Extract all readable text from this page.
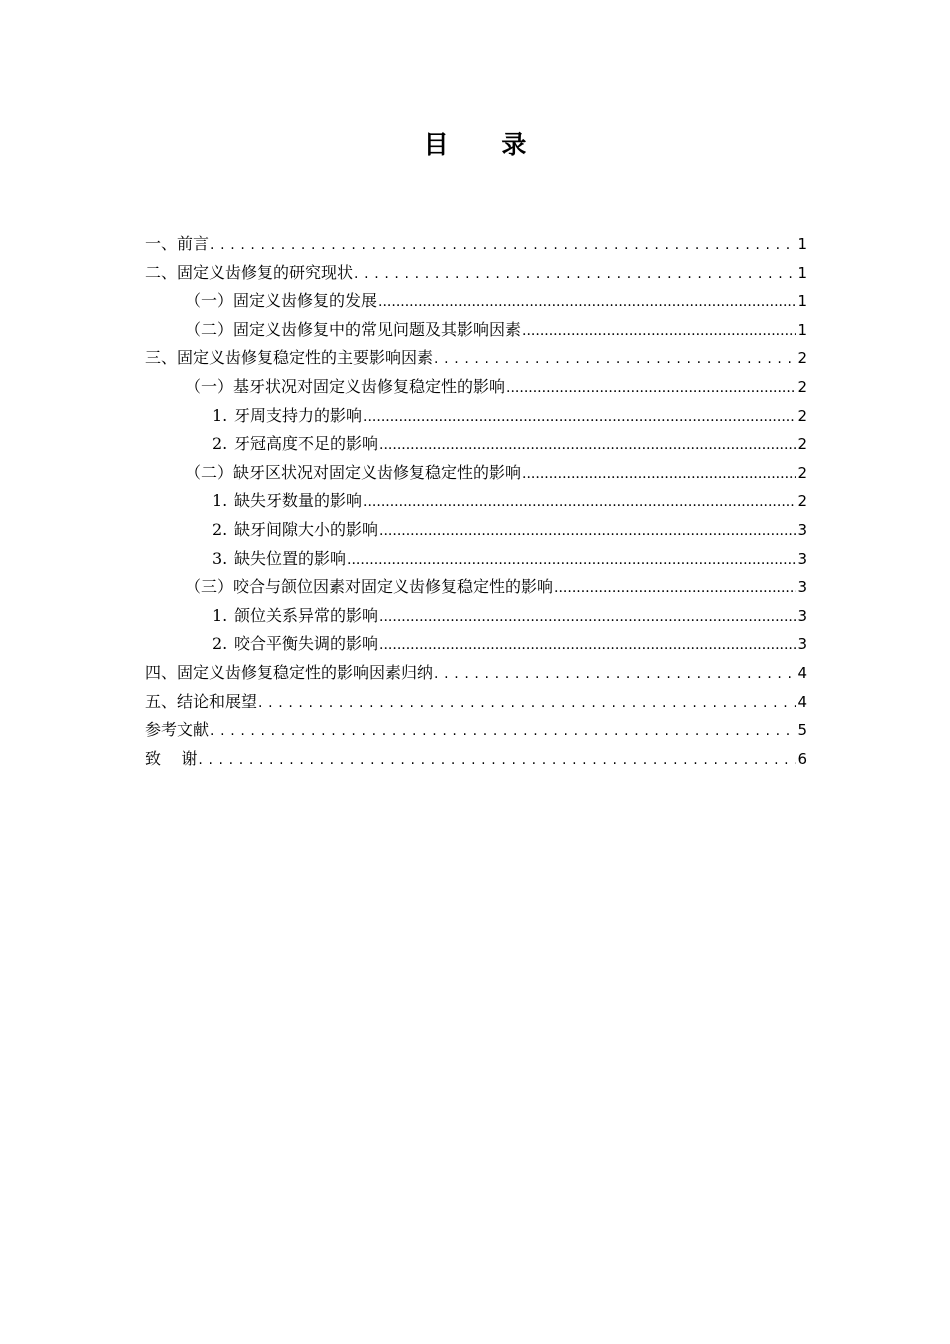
目 录
一、前言 . . .	1
二、固定义齿修复的研究现状 . . .	1
（一）固定义齿修复的发展 .....	1
（二）固定义齿修复中的常见问题及其影响因素 .....	1
三、固定义齿修复稳定性的主要影响因素 . . .	2
（一）基牙状况对固定义齿修复稳定性的影响 .....	2
1. 牙周支持力的影响 .....	2
2. 牙冠高度不足的影响 .....	2
（二）缺牙区状况对固定义齿修复稳定性的影响 .....	2
1. 缺失牙数量的影响 .....	2
2. 缺牙间隙大小的影响 .....	3
3. 缺失位置的影响 .....	3
（三）咬合与颌位因素对固定义齿修复稳定性的影响 .....	3
1. 颌位关系异常的影响 .....	3
2. 咬合平衡失调的影响 .....	3
四、固定义齿修复稳定性的影响因素归纳 . . .	4
五、结论和展望 . . .	4
参考文献 . . .	5
致    谢 . . .	6
